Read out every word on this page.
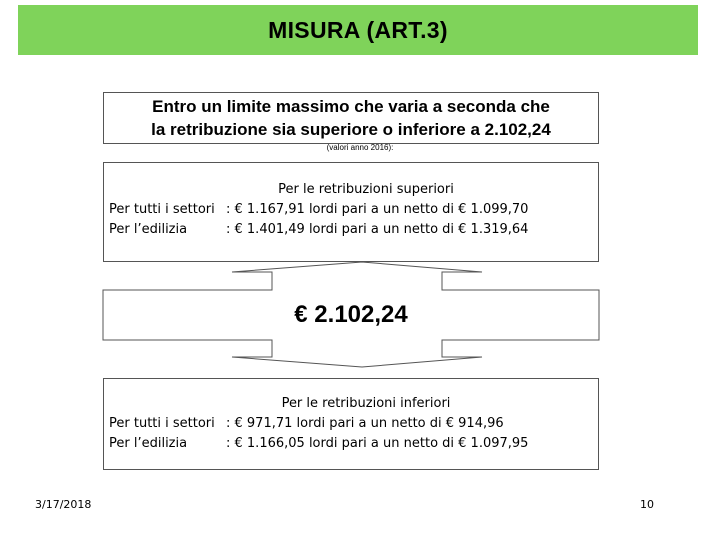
MISURA (ART.3)
Entro un limite massimo che varia a seconda che
la retribuzione sia superiore o inferiore a 2.102,24
(valori anno 2016):
Per le retribuzioni superiori
Per tutti i settori : € 1.167,91 lordi pari a un netto di € 1.099,70
Per l’edilizia	: € 1.401,49 lordi pari a un netto di € 1.319,64
€ 2.102,24
Per le retribuzioni inferiori
Per tutti i settori : € 971,71 lordi pari a un netto di € 914,96
Per l’edilizia	: € 1.166,05 lordi pari a un netto di € 1.097,95
3/17/2018	10
